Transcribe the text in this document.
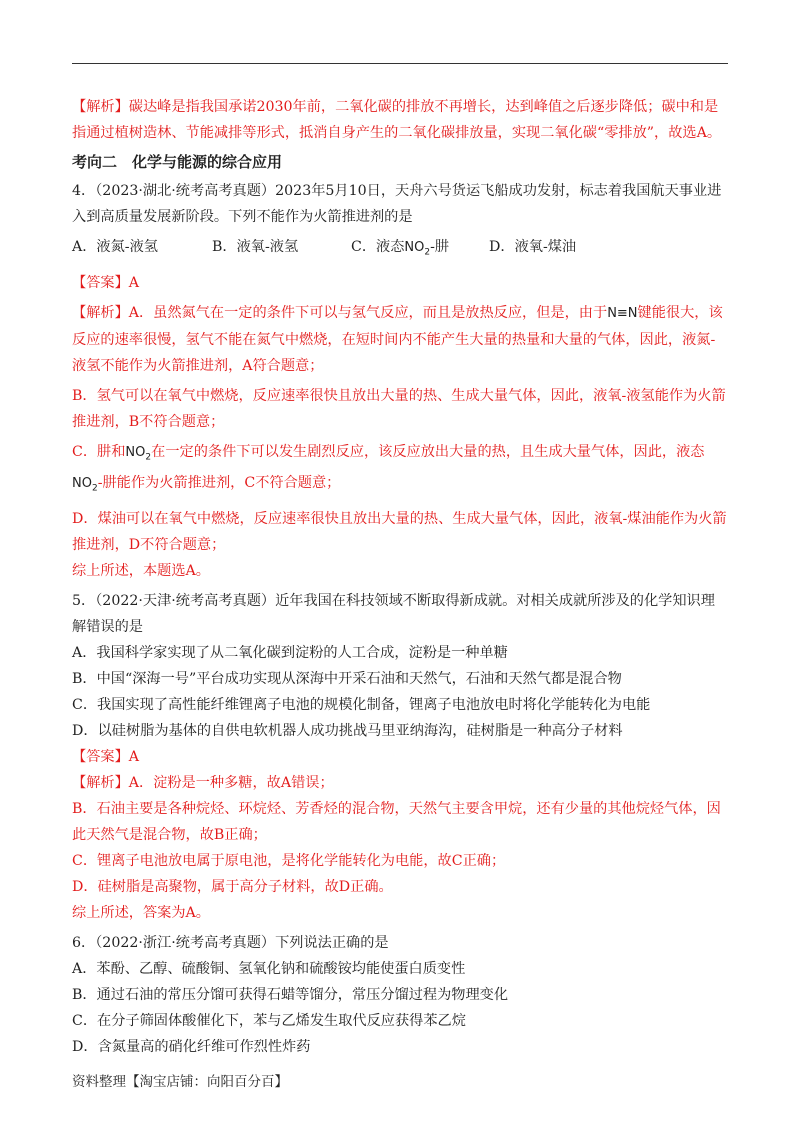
【解析】碳达峰是指我国承诺2030年前，二氧化碳的排放不再增长，达到峰值之后逐步降低；碳中和是指通过植树造林、节能减排等形式，抵消自身产生的二氧化碳排放量，实现二氧化碳“零排放”，故选A。

考向二　化学与能源的综合应用

4．（2023·湖北·统考高考真题）2023年5月10日，天舟六号货运飞船成功发射，标志着我国航天事业进入到高质量发展新阶段。下列不能作为火箭推进剂的是

A．液氮-液氢	B．液氧-液氢	C．液态$NO_2-$肼	D．液氧-煤油

【答案】A

【解析】A．虽然氮气在一定的条件下可以与氢气反应，而且是放热反应，但是，由于N≡N键能很大，该反应的速率很慢，氢气不能在氮气中燃烧，在短时间内不能产生大量的热量和大量的气体，因此，液氮-液氢不能作为火箭推进剂，A符合题意；

B．氢气可以在氧气中燃烧，反应速率很快且放出大量的热、生成大量气体，因此，液氧-液氢能作为火箭推进剂，B不符合题意；

C．肼和$NO_2$在一定的条件下可以发生剧烈反应，该反应放出大量的热，且生成大量气体，因此，液态$NO_2-$肼能作为火箭推进剂，C不符合题意；

D．煤油可以在氧气中燃烧，反应速率很快且放出大量的热、生成大量气体，因此，液氧-煤油能作为火箭推进剂，D不符合题意；

综上所述，本题选A。

5．（2022·天津·统考高考真题）近年我国在科技领域不断取得新成就。对相关成就所涉及的化学知识理解错误的是

A．我国科学家实现了从二氧化碳到淀粉的人工合成，淀粉是一种单糖

B．中国“深海一号”平台成功实现从深海中开采石油和天然气，石油和天然气都是混合物

C．我国实现了高性能纤维锂离子电池的规模化制备，锂离子电池放电时将化学能转化为电能

D．以硅树脂为基体的自供电软机器人成功挑战马里亚纳海沟，硅树脂是一种高分子材料

【答案】A

【解析】A．淀粉是一种多糖，故A错误；

B．石油主要是各种烷烃、环烷烃、芳香烃的混合物，天然气主要含甲烷，还有少量的其他烷烃气体，因此天然气是混合物，故B正确；

C．锂离子电池放电属于原电池，是将化学能转化为电能，故C正确；

D．硅树脂是高聚物，属于高分子材料，故D正确。

综上所述，答案为A。

6．（2022·浙江·统考高考真题）下列说法正确的是

A．苯酚、乙醇、硫酸铜、氢氧化钠和硫酸铵均能使蛋白质变性

B．通过石油的常压分馏可获得石蜡等馏分，常压分馏过程为物理变化

C．在分子筛固体酸催化下，苯与乙烯发生取代反应获得苯乙烷

D．含氮量高的硝化纤维可作烈性炸药

资料整理【淘宝店铺：向阳百分百】
